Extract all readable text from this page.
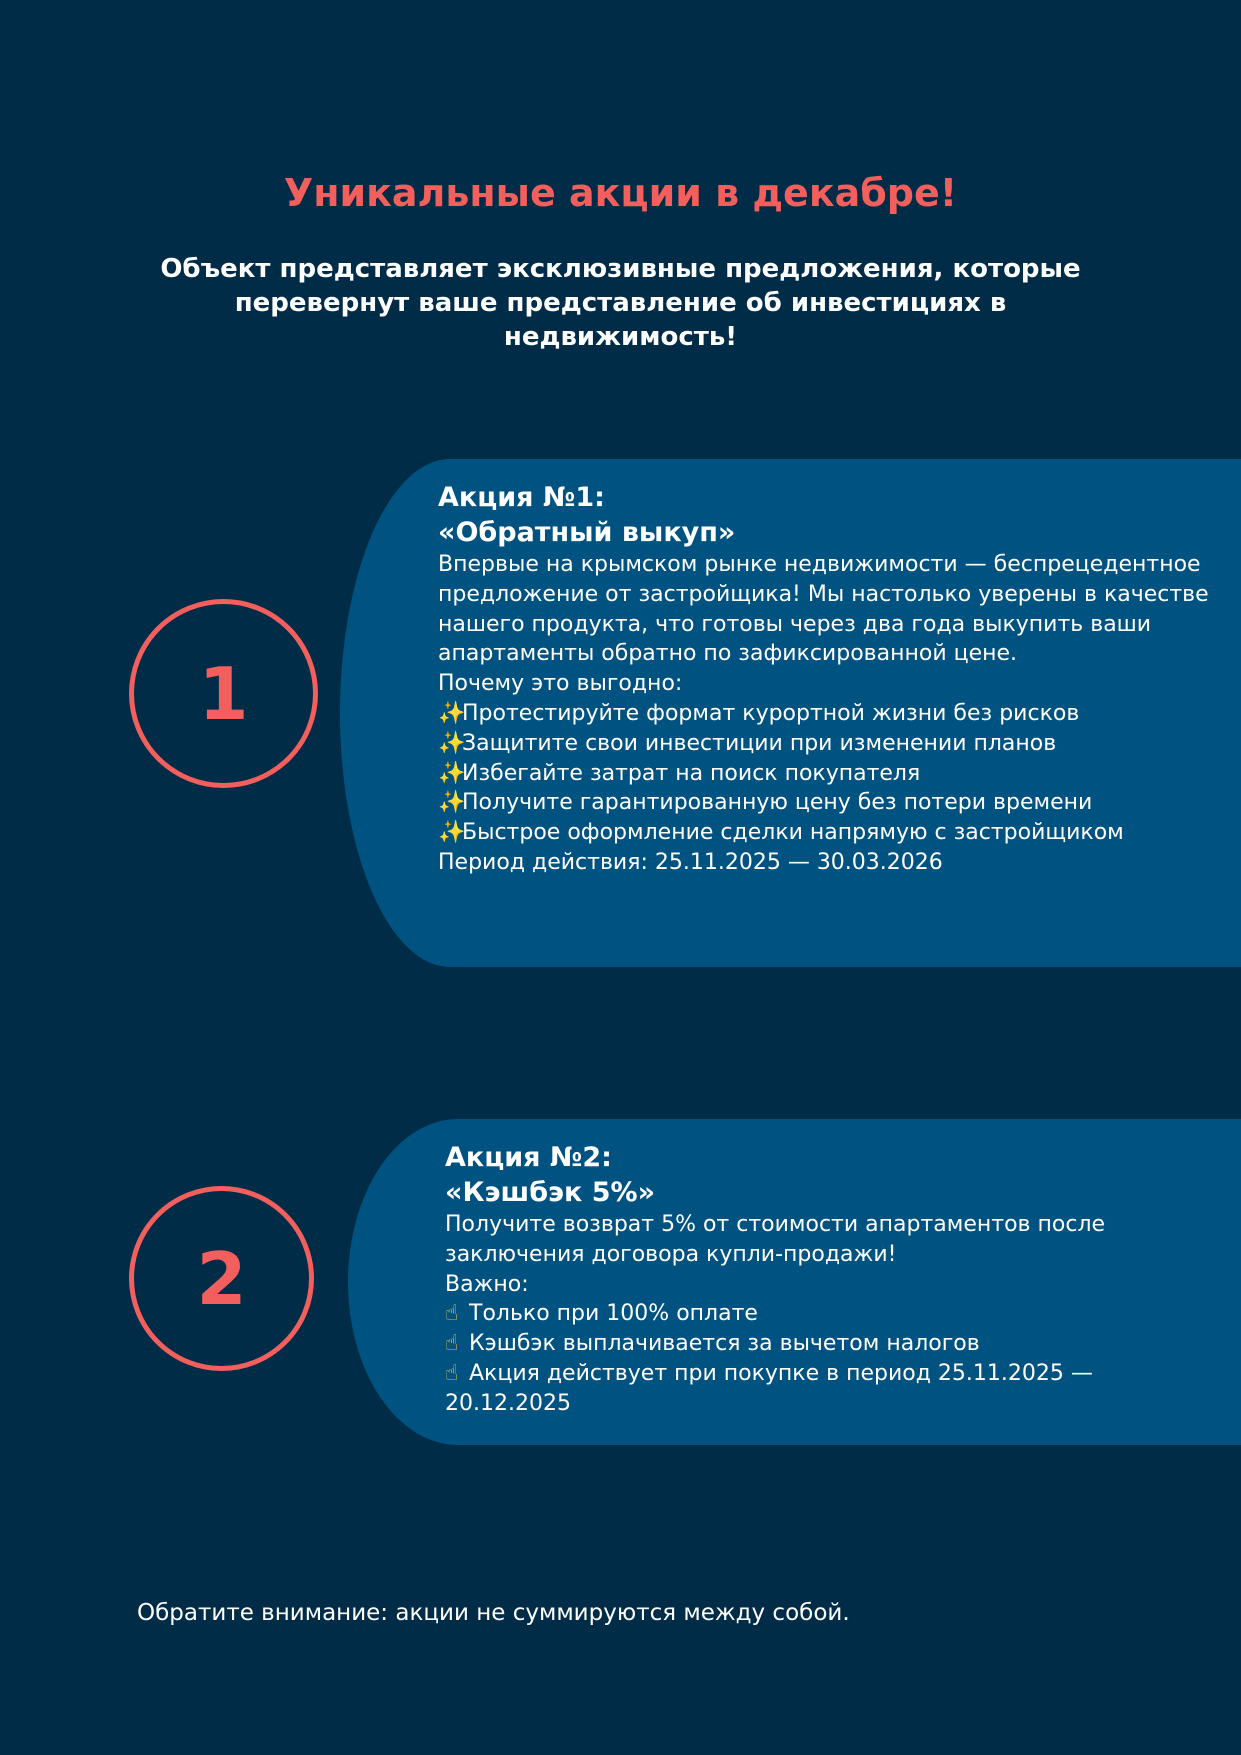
Уникальные акции в декабре!

Объект представляет эксклюзивные предложения, которые перевернут ваше представление об инвестициях в недвижимость!

1
Акция №1:
«Обратный выкуп»
Впервые на крымском рынке недвижимости — беспрецедентное предложение от застройщика! Мы настолько уверены в качестве нашего продукта, что готовы через два года выкупить ваши апартаменты обратно по зафиксированной цене.
Почему это выгодно:
✨Протестируйте формат курортной жизни без рисков
✨Защитите свои инвестиции при изменении планов
✨Избегайте затрат на поиск покупателя
✨Получите гарантированную цену без потери времени
✨Быстрое оформление сделки напрямую с застройщиком
Период действия: 25.11.2025 — 30.03.2026
2
Акция №2:
«Кэшбэк 5%»
Получите возврат 5% от стоимости апартаментов после заключения договора купли-продажи!
Важно:
☝ Только при 100% оплате
☝ Кэшбэк выплачивается за вычетом налогов
☝ Акция действует при покупке в период 25.11.2025 — 20.12.2025

Обратите внимание: акции не суммируются между собой.
